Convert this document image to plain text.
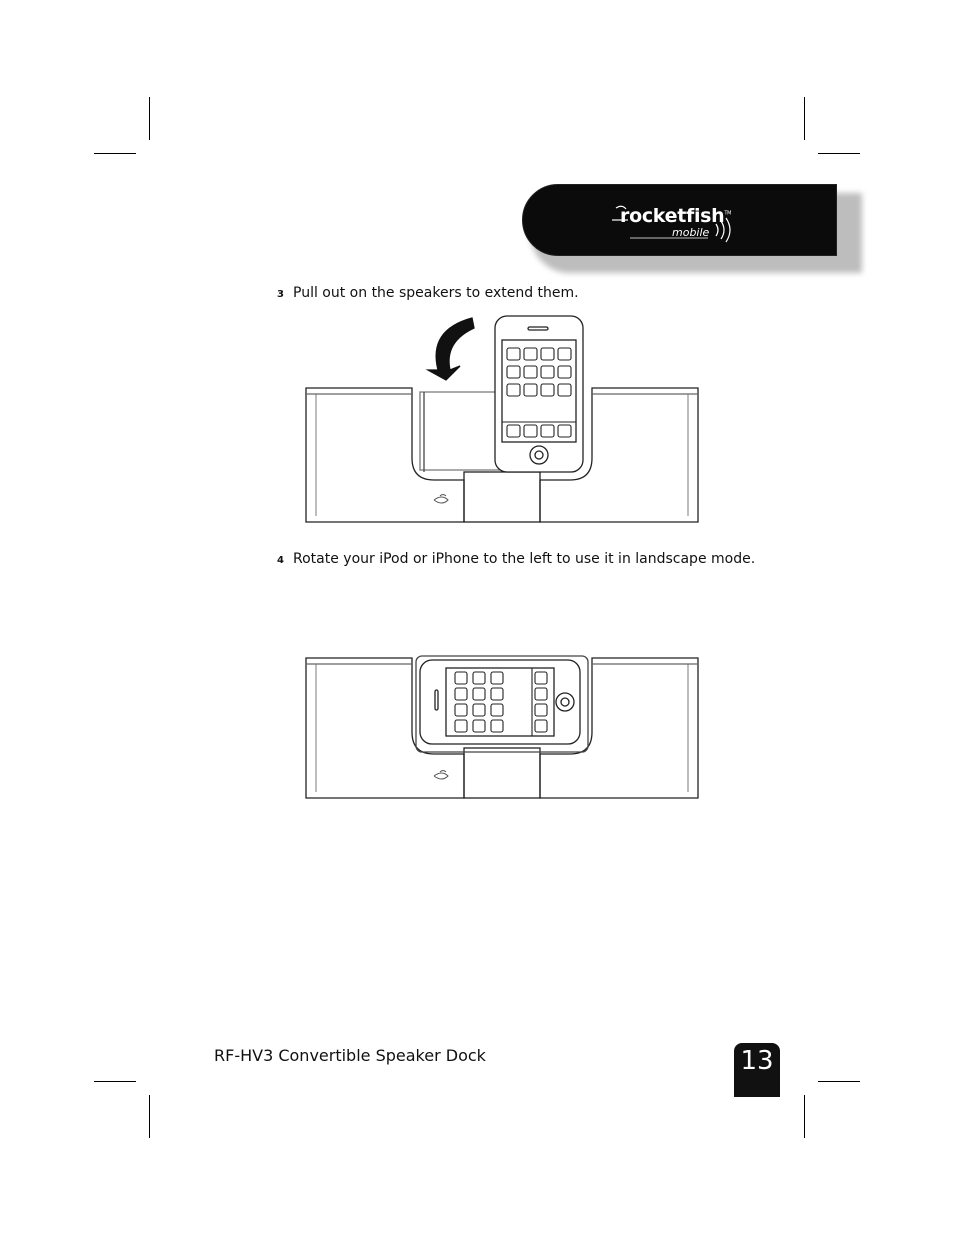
rocketfish™
mobile
3 Pull out on the speakers to extend them.
4 Rotate your iPod or iPhone to the left to use it in landscape mode.
RF-HV3 Convertible Speaker Dock	13
